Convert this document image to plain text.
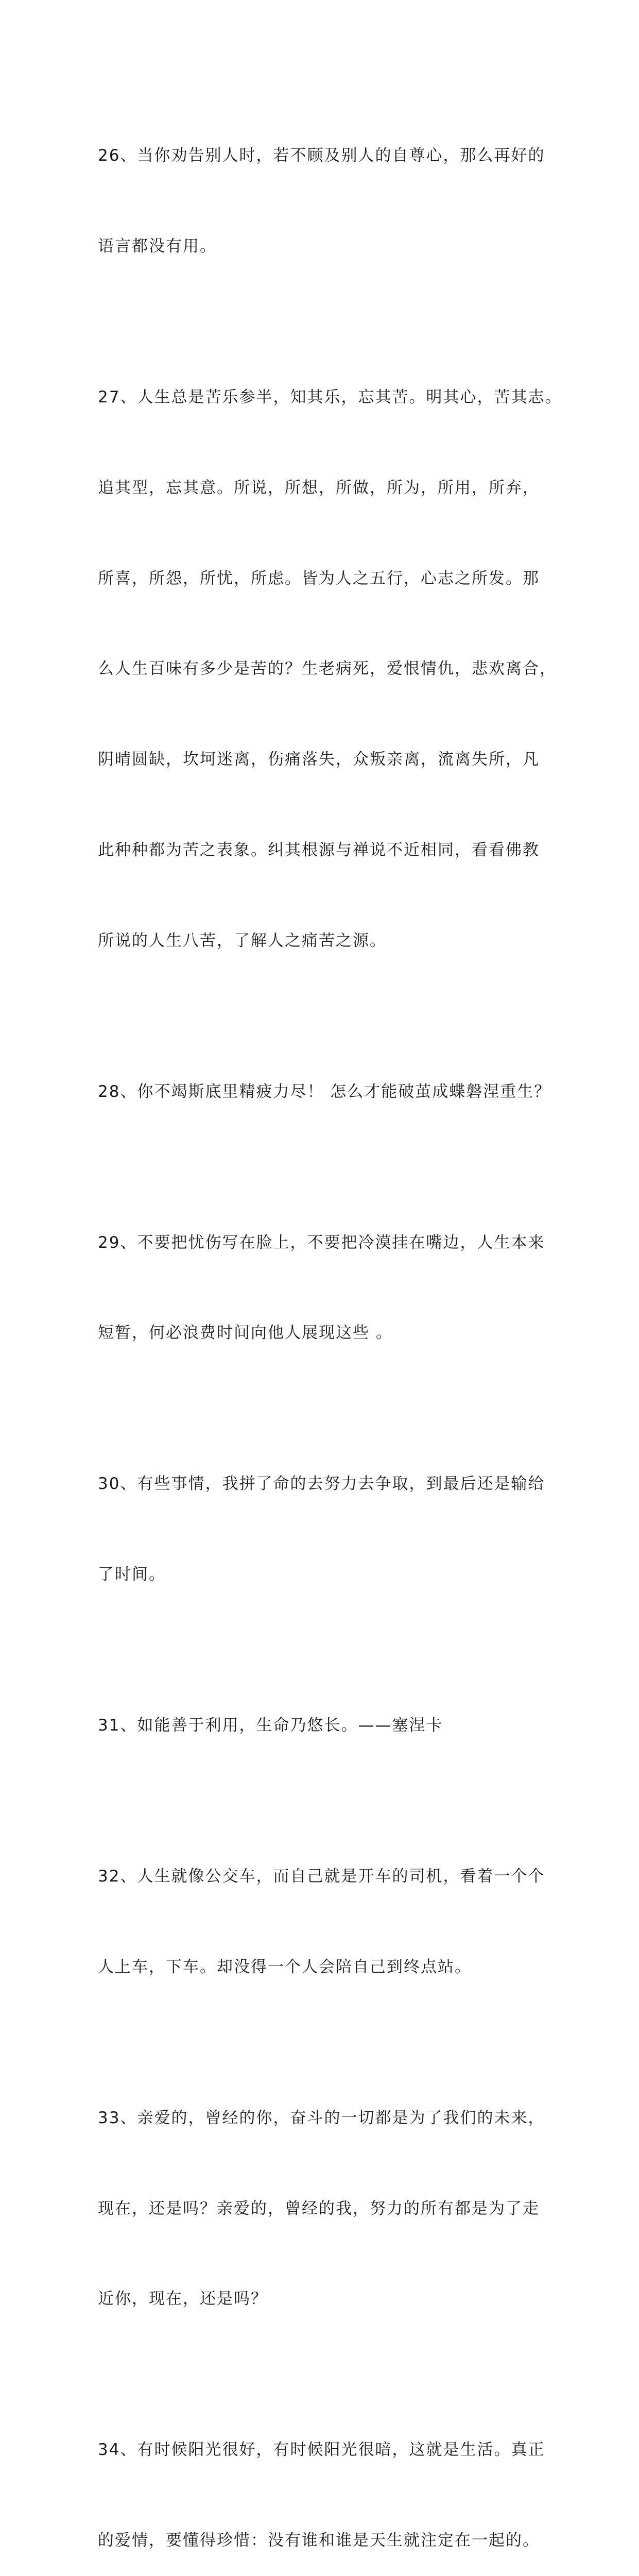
26、当你劝告别人时，若不顾及别人的自尊心，那么再好的

语言都没有用。

27、人生总是苦乐参半，知其乐，忘其苦。明其心，苦其志。

追其型，忘其意。所说，所想，所做，所为，所用，所弃，

所喜，所怨，所忧，所虑。皆为人之五行，心志之所发。那

么人生百味有多少是苦的？生老病死，爱恨情仇，悲欢离合，

阴晴圆缺，坎坷迷离，伤痛落失，众叛亲离，流离失所，凡

此种种都为苦之表象。纠其根源与禅说不近相同，看看佛教

所说的人生八苦，了解人之痛苦之源。

28、你不竭斯底里精疲力尽！ 怎么才能破茧成蝶磐涅重生？

29、不要把忧伤写在脸上，不要把冷漠挂在嘴边，人生本来

短暂，何必浪费时间向他人展现这些 。

30、有些事情，我拼了命的去努力去争取，到最后还是输给

了时间。

31、如能善于利用，生命乃悠长。——塞涅卡

32、人生就像公交车，而自己就是开车的司机，看着一个个

人上车，下车。却没得一个人会陪自己到终点站。

33、亲爱的，曾经的你，奋斗的一切都是为了我们的未来，

现在，还是吗？亲爱的，曾经的我，努力的所有都是为了走

近你，现在，还是吗？

34、有时候阳光很好，有时候阳光很暗，这就是生活。真正

的爱情，要懂得珍惜：没有谁和谁是天生就注定在一起的。
